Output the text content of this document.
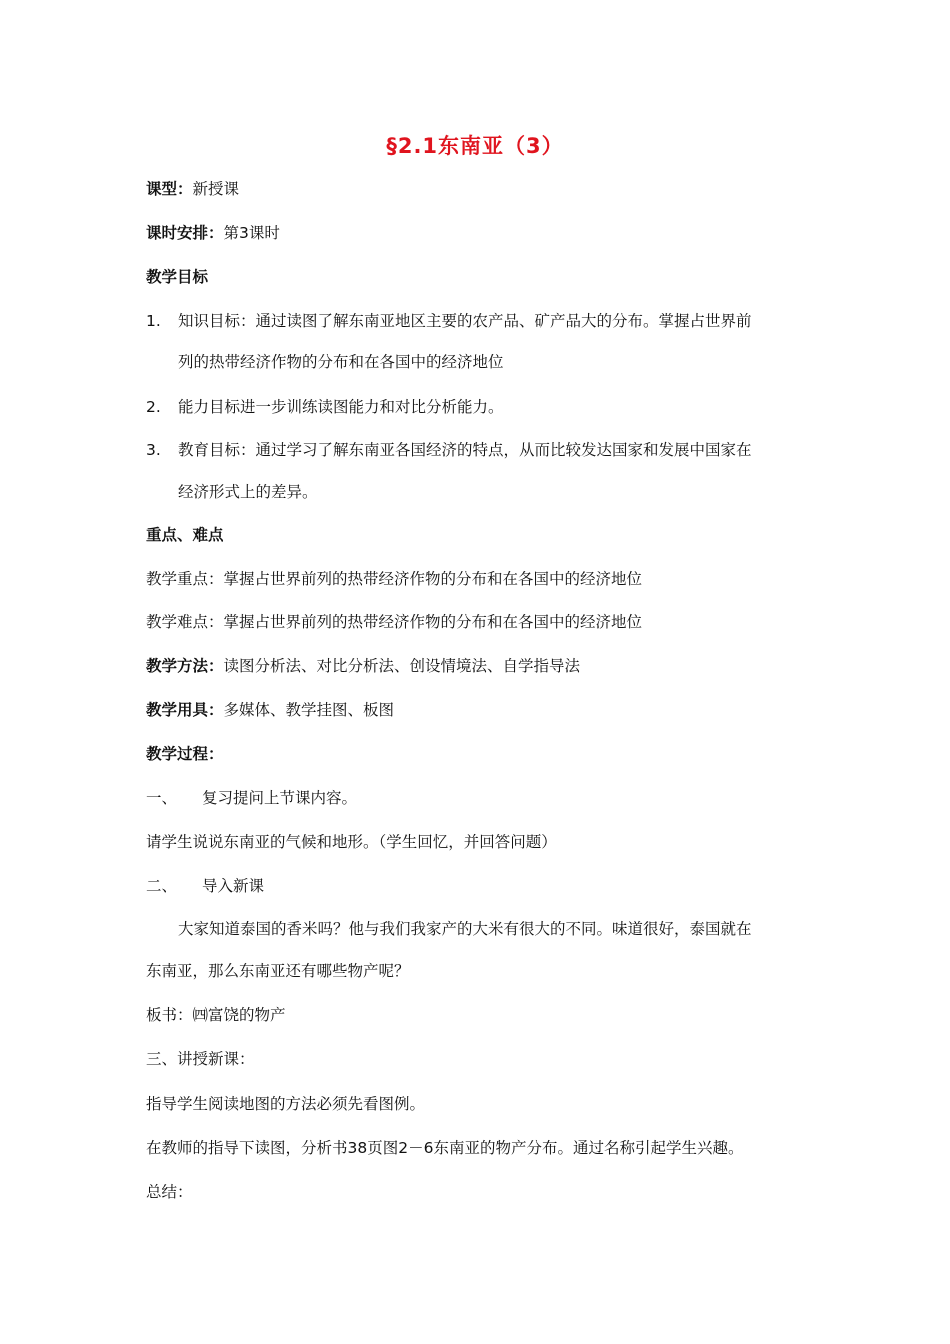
§2.1东南亚（3）
课型：新授课
课时安排：第3课时
教学目标
1. 知识目标：通过读图了解东南亚地区主要的农产品、矿产品大的分布。掌握占世界前
列的热带经济作物的分布和在各国中的经济地位
2. 能力目标进一步训练读图能力和对比分析能力。
3. 教育目标：通过学习了解东南亚各国经济的特点，从而比较发达国家和发展中国家在
经济形式上的差异。
重点、难点
教学重点：掌握占世界前列的热带经济作物的分布和在各国中的经济地位
教学难点：掌握占世界前列的热带经济作物的分布和在各国中的经济地位
教学方法：读图分析法、对比分析法、创设情境法、自学指导法
教学用具：多媒体、教学挂图、板图
教学过程：
一、 复习提问上节课内容。
请学生说说东南亚的气候和地形。（学生回忆，并回答问题）
二、 导入新课
大家知道泰国的香米吗？他与我们我家产的大米有很大的不同。味道很好，泰国就在
东南亚，那么东南亚还有哪些物产呢？
板书：㈣富饶的物产
三、讲授新课：
指导学生阅读地图的方法必须先看图例。
在教师的指导下读图，分析书38页图2－6东南亚的物产分布。通过名称引起学生兴趣。
总结：
